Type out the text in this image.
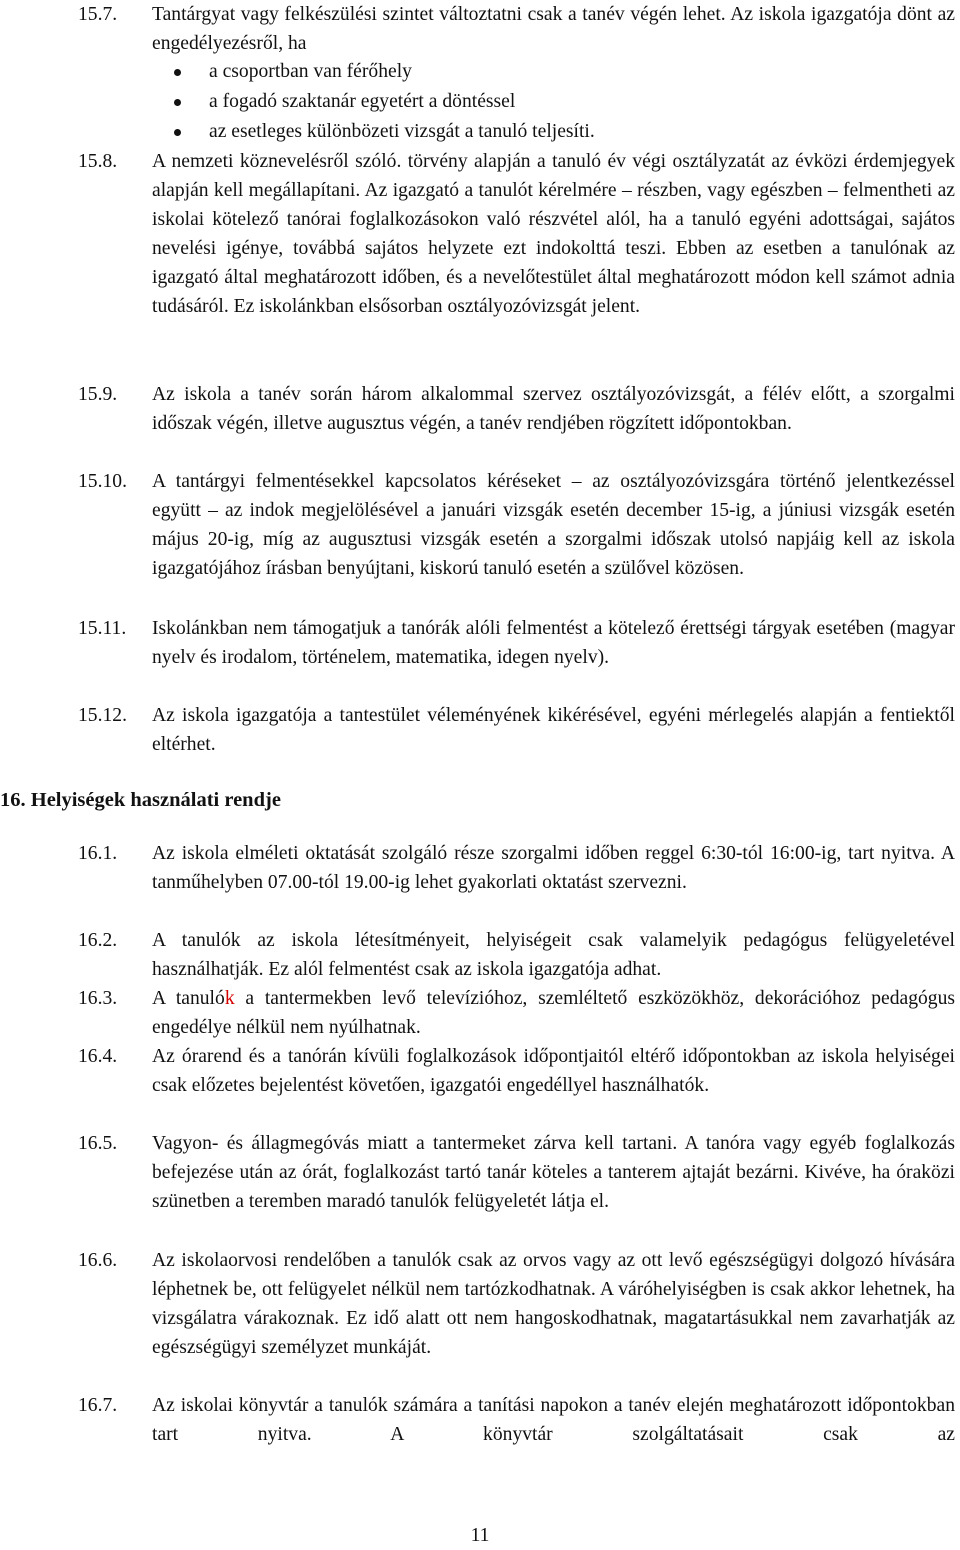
15.7. Tantárgyat vagy felkészülési szintet változtatni csak a tanév végén lehet. Az iskola igazgatója dönt az engedélyezésről, ha
a csoportban van férőhely
a fogadó szaktanár egyetért a döntéssel
az esetleges különbözeti vizsgát a tanuló teljesíti.
15.8. A nemzeti köznevelésről szóló. törvény alapján a tanuló év végi osztályzatát az évközi érdemjegyek alapján kell megállapítani. Az igazgató a tanulót kérelmére – részben, vagy egészben – felmentheti az iskolai kötelező tanórai foglalkozásokon való részvétel alól, ha a tanuló egyéni adottságai, sajátos nevelési igénye, továbbá sajátos helyzete ezt indokolttá teszi. Ebben az esetben a tanulónak az igazgató által meghatározott időben, és a nevelőtestület által meghatározott módon kell számot adnia tudásáról. Ez iskolánkban elsősorban osztályozóvizsgát jelent.
15.9. Az iskola a tanév során három alkalommal szervez osztályozóvizsgát, a félév előtt, a szorgalmi időszak végén, illetve augusztus végén, a tanév rendjében rögzített időpontokban.
15.10. A tantárgyi felmentésekkel kapcsolatos kéréseket – az osztályozóvizsgára történő jelentkezéssel együtt – az indok megjelölésével a januári vizsgák esetén december 15-ig, a júniusi vizsgák esetén május 20-ig, míg az augusztusi vizsgák esetén a szorgalmi időszak utolsó napjáig kell az iskola igazgatójához írásban benyújtani, kiskorú tanuló esetén a szülővel közösen.
15.11. Iskolánkban nem támogatjuk a tanórák alóli felmentést a kötelező érettségi tárgyak esetében (magyar nyelv és irodalom, történelem, matematika, idegen nyelv).
15.12. Az iskola igazgatója a tantestület véleményének kikérésével, egyéni mérlegelés alapján a fentiektől eltérhet.
16. Helyiségek használati rendje
16.1. Az iskola elméleti oktatását szolgáló része szorgalmi időben reggel 6:30-tól 16:00-ig, tart nyitva. A tanműhelyben 07.00-tól 19.00-ig lehet gyakorlati oktatást szervezni.
16.2. A tanulók az iskola létesítményeit, helyiségeit csak valamelyik pedagógus felügyeletével használhatják. Ez alól felmentést csak az iskola igazgatója adhat.
16.3. A tanulók a tantermekben levő televízióhoz, szemléltető eszközökhöz, dekorációhoz pedagógus engedélye nélkül nem nyúlhatnak.
16.4. Az órarend és a tanórán kívüli foglalkozások időpontjaitól eltérő időpontokban az iskola helyiségei csak előzetes bejelentést követően, igazgatói engedéllyel használhatók.
16.5. Vagyon- és állagmegóvás miatt a tantermeket zárva kell tartani. A tanóra vagy egyéb foglalkozás befejezése után az órát, foglalkozást tartó tanár köteles a tanterem ajtaját bezárni. Kivéve, ha óraközi szünetben a teremben maradó tanulók felügyeletét látja el.
16.6. Az iskolaorvosi rendelőben a tanulók csak az orvos vagy az ott levő egészségügyi dolgozó hívására léphetnek be, ott felügyelet nélkül nem tartózkodhatnak. A váróhelyiségben is csak akkor lehetnek, ha vizsgálatra várakoznak. Ez idő alatt ott nem hangoskodhatnak, magatartásukkal nem zavarhatják az egészségügyi személyzet munkáját.
16.7. Az iskolai könyvtár a tanulók számára a tanítási napokon a tanév elején meghatározott időpontokban tart nyitva. A könyvtár szolgáltatásait csak az
11
